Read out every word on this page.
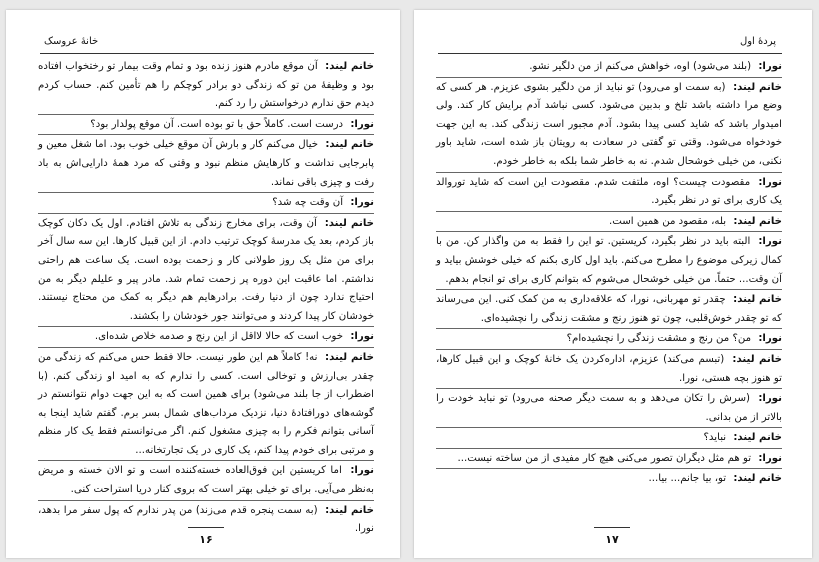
خانهٔ عروسک

خانم لیند: آن موقع مادرم هنوز زنده بود و تمام وقت بیمار تو رختخواب افتاده بود و وظیفهٔ من تو که زندگی دو برادر کوچکم را هم تأمین کنم. حساب کردم دیدم حق ندارم درخواستش را رد کنم.

نورا: درست است. کاملاً حق با تو بوده است. آن موقع پولدار بود؟

خانم لیند: خیال می‌کنم کار و بارش آن موقع خیلی خوب بود. اما شغل معین و پابرجایی نداشت و کارهایش منظم نبود و وقتی که مرد همهٔ دارایی‌اش به باد رفت و چیزی باقی نماند.

نورا: آن وقت چه شد؟

خانم لیند: آن وقت، برای مخارج زندگی به تلاش افتادم. اول یک دکان کوچک باز کردم، بعد یک مدرسهٔ کوچک ترتیب دادم. از این قبیل کارها. این سه سال آخر برای من مثل یک روز طولانی کار و زحمت بوده است. یک ساعت هم راحتی نداشتم. اما عاقبت این دوره پر زحمت تمام شد. مادر پیر و علیلم دیگر به من احتیاج ندارد چون از دنیا رفت. برادرهایم هم دیگر به کمک من محتاج نیستند. خودشان کار پیدا کردند و می‌توانند جور خودشان را بکشند.

نورا: خوب است که حالا لااقل از این رنج و صدمه خلاص شده‌ای.

خانم لیند: نه! کاملاً هم این طور نیست. حالا فقط حس می‌کنم که زندگی من چقدر بی‌ارزش و توخالی است. کسی را ندارم که به امید او زندگی کنم. (با اضطراب از جا بلند می‌شود) برای همین است که به این جهت دوام نتوانستم در گوشه‌های دورافتادهٔ دنیا، نزدیک مرداب‌های شمال بسر برم. گفتم شاید اینجا به آسانی بتوانم فکرم را به چیزی مشغول کنم. اگر می‌توانستم فقط یک کار منظم و مرتبی برای خودم پیدا کنم، یک کاری در یک تجارتخانه...

نورا: اما کریستین این فوق‌العاده خسته‌کننده است و تو الان خسته و مریض به‌نظر می‌آیی. برای تو خیلی بهتر است که بروی کنار دریا استراحت کنی.

خانم لیند: (به سمت پنجره قدم می‌زند) من پدر ندارم که پول سفر مرا بدهد، نورا.

۱۶
پردهٔ اول

نورا: (بلند می‌شود) اوه، خواهش می‌کنم از من دلگیر نشو.

خانم لیند: (به سمت او می‌رود) تو نباید از من دلگیر بشوی عزیزم. هر کسی که وضع مرا داشته باشد تلخ و بدبین می‌شود. کسی نباشد آدم برایش کار کند. ولی امیدوار باشد که شاید کسی پیدا بشود. آدم مجبور است زندگی کند. به این جهت خودخواه می‌شود. وقتی تو گفتی در سعادت به رویتان باز شده است، شاید باور نکنی، من خیلی خوشحال شدم. نه به خاطر شما بلکه به خاطر خودم.

نورا: مقصودت چیست؟ اوه، ملتفت شدم. مقصودت این است که شاید توروالد یک کاری برای تو در نظر بگیرد.

خانم لیند: بله، مقصود من همین است.

نورا: البته باید در نظر بگیرد، کریستین. تو این را فقط به من واگذار کن. من با کمال زیرکی موضوع را مطرح می‌کنم. باید اول کاری بکنم که خیلی خوشش بیاید و آن وقت... حتماً. من خیلی خوشحال می‌شوم که بتوانم کاری برای تو انجام بدهم.

خانم لیند: چقدر تو مهربانی، نورا، که علاقه‌داری به من کمک کنی. این می‌رساند که تو چقدر خوش‌قلبی، چون تو هنوز رنج و مشقت زندگی را نچشیده‌ای.

نورا: من؟ من رنج و مشقت زندگی را نچشیده‌ام؟

خانم لیند: (تبسم می‌کند) عزیزم، اداره‌کردن یک خانهٔ کوچک و این قبیل کارها، تو هنوز بچه هستی، نورا.

نورا: (سرش را تکان می‌دهد و به سمت دیگر صحنه می‌رود) تو نباید خودت را بالاتر از من بدانی.

خانم لیند: نباید؟

نورا: تو هم مثل دیگران تصور می‌کنی هیچ کار مفیدی از من ساخته نیست...

خانم لیند: تو، بیا جانم... بیا...

۱۷
